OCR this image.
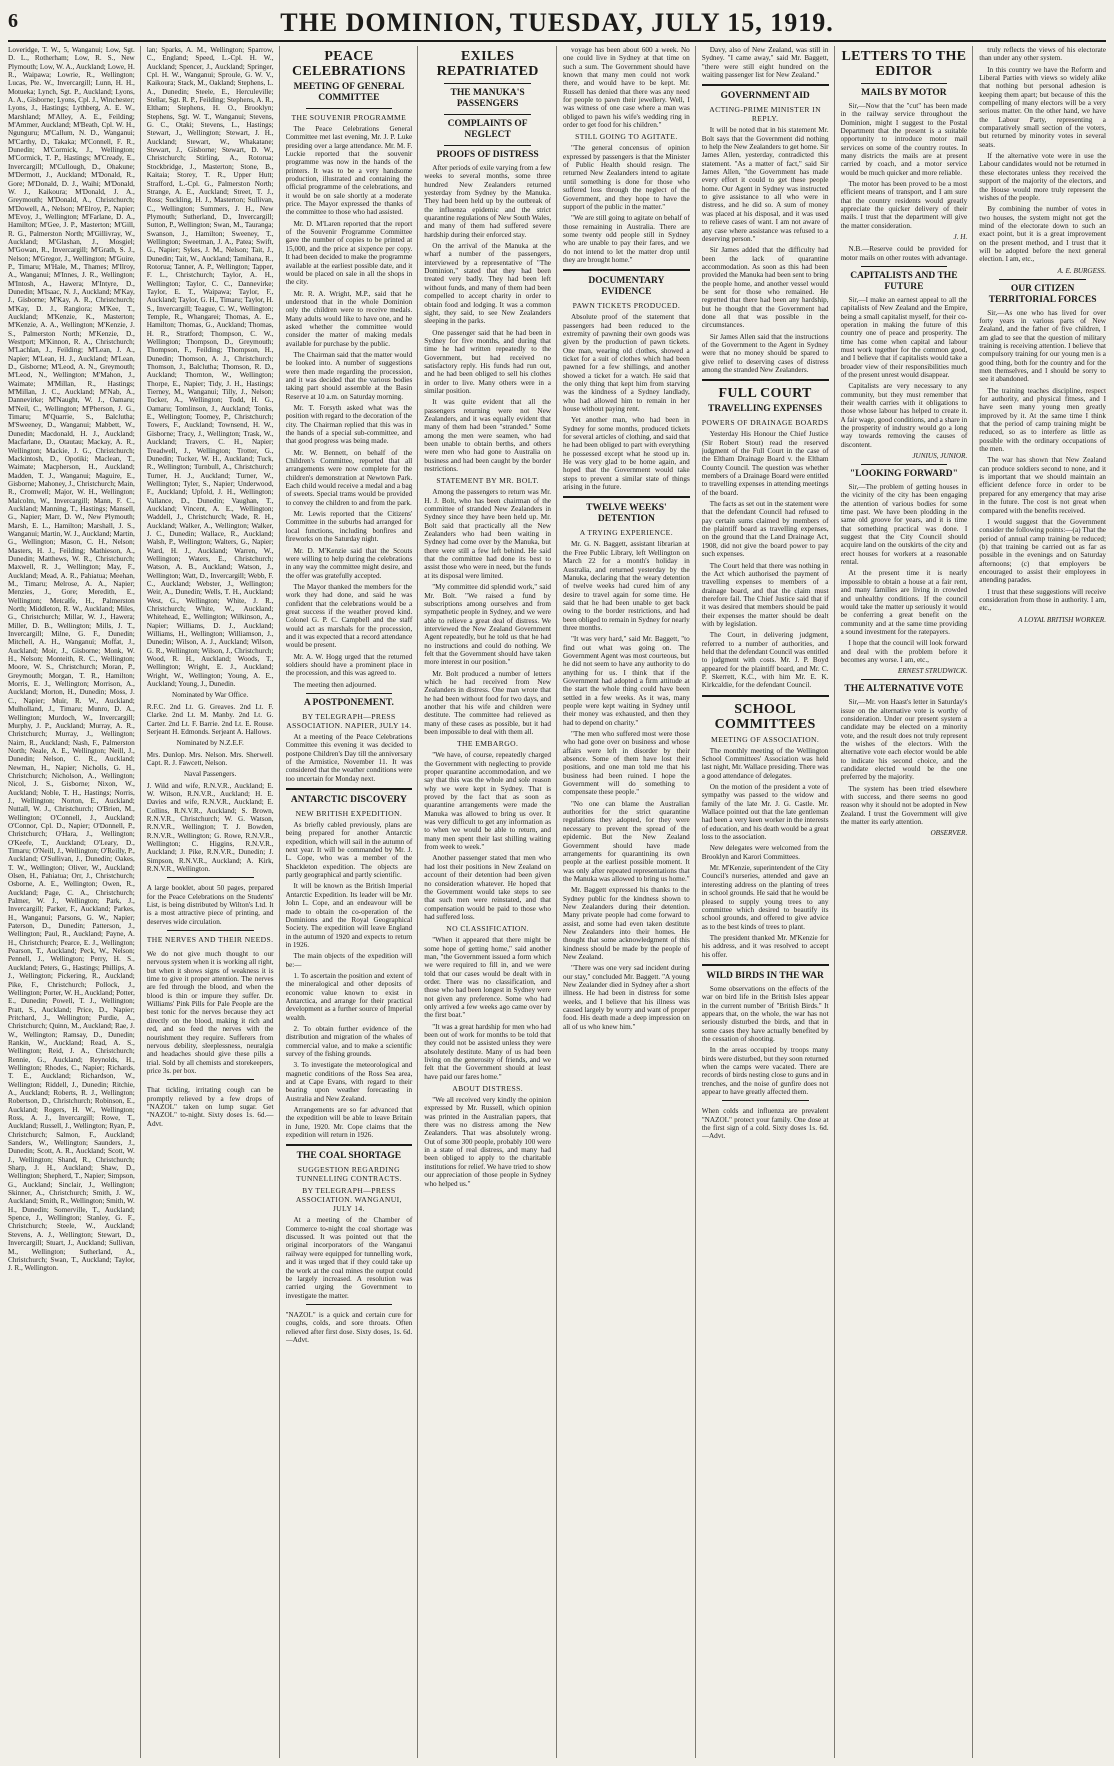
6	THE DOMINION, TUESDAY, JULY 15, 1919.

Loveridge, T. W., 5, Wanganui; Low, Sgt. D. L., Rotherham; Low, R. S., New Plymouth; Low, W. A., Auckland; Lowe, H. R., Waipawa; Lowrie, R., Wellington; Lucas, Pte. W., Invercargill; Lunn, H. H., Motueka; Lynch, Sgt. P., Auckland; Lyons, A. A., Gisborne; Lyons, Cpl. J., Winchester; Lyons, J., Hastings; Lythberg, A. E. W., Marshland; M'Alley, A. E., Feilding; M'Ammer, Auckland; M'Beath, Cpl. W. H., Ngunguru; M'Callum, N. D., Wanganui; M'Carthy, D., Takaka; M'Connell, F. R., Dunedin; M'Cormick, J., Wellington; M'Cormick, T. P., Hastings; M'Cready, E., Invercargill; M'Cullough, D., Ohakune; M'Dermott, J., Auckland; M'Donald, R., Gore; M'Donald, D. J., Waihi; M'Donald, W. J., Kaikoura; M'Donald, J. A., Greymouth; M'Donald, A., Christchurch; M'Dowell, A., Nelson; M'Elroy, P., Napier; M'Evoy, J., Wellington; M'Farlane, D. A., Hamilton; M'Gee, J. P., Masterton; M'Gill, R. G., Palmerston North; M'Gillivray, W., Auckland; M'Glashan, J., Mosgiel; M'Gowan, R., Invercargill; M'Grath, S. J., Nelson; M'Gregor, J., Wellington; M'Guire, P., Timaru; M'Hale, M., Thames; M'Ilroy, A., Wanganui; M'Innes, J. R., Wellington; M'Intosh, A., Hawera; M'Intyre, D., Dunedin; M'Isaac, N. J., Auckland; M'Kay, J., Gisborne; M'Kay, A. R., Christchurch; M'Kay, D. J., Rangiora; M'Kee, T., Auckland; M'Kenzie, K., Masterton; M'Kenzie, A. A., Wellington; M'Kenzie, J. S., Palmerston North; M'Kenzie, D., Westport; M'Kinnon, R. A., Christchurch; M'Lachlan, J., Feilding; M'Lean, J. A., Napier; M'Lean, H. J., Auckland; M'Lean, D., Gisborne; M'Leod, A. N., Greymouth; M'Leod, N., Wellington; M'Mahon, J., Waimate; M'Millan, R., Hastings; M'Millan, J. C., Auckland; M'Nab, A., Dannevirke; M'Naught, W. J., Oamaru; M'Neil, C., Wellington; M'Pherson, J. G., Timaru; M'Quarrie, S., Balclutha; M'Sweeney, D., Wanganui; Mabbett, W., Dunedin; Macdonald, H. J., Auckland; Macfarlane, D., Otautau; Mackay, A. R., Wellington; Mackie, J. G., Christchurch; Mackintosh, D., Opotiki; Maclean, T., Waimate; Macpherson, H., Auckland; Madden, T. J., Wanganui; Maguire, E., Gisborne; Mahoney, J., Christchurch; Main, R., Cromwell; Major, W. H., Wellington; Malcolm, W., Invercargill; Mann, F. C., Auckland; Manning, T., Hastings; Mansell, G., Napier; Marr, D. W., New Plymouth; Marsh, E. L., Hamilton; Marshall, J. S., Wanganui; Martin, W. J., Auckland; Martin, G., Wellington; Mason, C. H., Nelson; Masters, H. J., Feilding; Mathieson, A., Dunedin; Matthews, W. R., Christchurch; Maxwell, R. J., Wellington; May, F., Auckland; Mead, A. R., Pahiatua; Meehan, M., Timaru; Melrose, A. A., Napier; Menzies, J., Gore; Meredith, E., Wellington; Metcalfe, H., Palmerston North; Middleton, R. W., Auckland; Miles, G., Christchurch; Millar, W. J., Hawera; Miller, D. B., Wellington; Mills, J. T., Invercargill; Milne, G. F., Dunedin; Mitchell, A. H., Wanganui; Moffat, J., Auckland; Moir, J., Gisborne; Monk, W. H., Nelson; Monteith, R. C., Wellington; Moore, W. S., Christchurch; Moran, P., Greymouth; Morgan, T. R., Hamilton; Morris, E. J., Wellington; Morrison, A., Auckland; Morton, H., Dunedin; Moss, J. C., Napier; Muir, R. W., Auckland; Mulholland, J., Timaru; Munro, D. A., Wellington; Murdoch, W., Invercargill; Murphy, J. P., Auckland; Murray, A. R., Christchurch; Murray, J., Wellington; Nairn, R., Auckland; Nash, F., Palmerston North; Neale, A. E., Wellington; Neill, J., Dunedin; Nelson, C. R., Auckland; Newman, H., Napier; Nicholls, G. H., Christchurch; Nicholson, A., Wellington; Nicol, J. S., Gisborne; Nixon, W., Auckland; Noble, T. H., Hastings; Norris, J., Wellington; Norton, E., Auckland; Nuttall, W. J., Christchurch; O'Brien, M., Wellington; O'Connell, J., Auckland; O'Connor, Cpl. D., Napier; O'Donnell, P., Christchurch; O'Hara, J., Wellington; O'Keefe, T., Auckland; O'Leary, D., Timaru; O'Neill, J., Wellington; O'Reilly, P., Auckland; O'Sullivan, J., Dunedin; Oakes, T. W., Wellington; Oliver, W., Auckland; Olsen, H., Pahiatua; Orr, J., Christchurch; Osborne, A. E., Wellington; Owen, R., Auckland; Page, C. A., Christchurch; Palmer, W. J., Wellington; Park, J., Invercargill; Parker, F., Auckland; Parkes, H., Wanganui; Parsons, G. W., Napier; Paterson, D., Dunedin; Patterson, J., Wellington; Paul, R., Auckland; Payne, A. H., Christchurch; Pearce, E. J., Wellington; Pearson, T., Auckland; Peck, W., Nelson; Pennell, J., Wellington; Perry, H. S., Auckland; Peters, G., Hastings; Phillips, A. J., Wellington; Pickering, R., Auckland; Pike, F., Christchurch; Pollock, J., Wellington; Porter, W. H., Auckland; Potter, E., Dunedin; Powell, T. J., Wellington; Pratt, S., Auckland; Price, D., Napier; Pritchard, J., Wellington; Purdie, A., Christchurch; Quinn, M., Auckland; Rae, J. W., Wellington; Ramsay, D., Dunedin; Rankin, W., Auckland; Read, A. S., Wellington; Reid, J. A., Christchurch; Rennie, G., Auckland; Reynolds, H., Wellington; Rhodes, C., Napier; Richards, T. E., Auckland; Richardson, W., Wellington; Riddell, J., Dunedin; Ritchie, A., Auckland; Roberts, R. J., Wellington; Robertson, D., Christchurch; Robinson, E., Auckland; Rogers, H. W., Wellington; Ross, A. J., Invercargill; Rowe, T., Auckland; Russell, J., Wellington; Ryan, P., Christchurch; Salmon, F., Auckland; Sanders, W., Wellington; Saunders, J., Dunedin; Scott, A. R., Auckland; Scott, W. J., Wellington; Shand, R., Christchurch; Sharp, J. H., Auckland; Shaw, D., Wellington; Shepherd, T., Napier; Simpson, G., Auckland; Sinclair, J., Wellington; Skinner, A., Christchurch; Smith, J. W., Auckland; Smith, R., Wellington; Smith, W. H., Dunedin; Somerville, T., Auckland; Spence, J., Wellington; Stanley, G. F., Christchurch; Steele, W., Auckland; Stevens, A. J., Wellington; Stewart, D., Invercargill; Stuart, J., Auckland; Sullivan, M., Wellington; Sutherland, A., Christchurch; Swan, T., Auckland; Taylor, J. R., Wellington.

lan; Sparks, A. M., Wellington; Sparrow, C., England; Speed, L.-Cpl. H. W., Auckland; Spencer, J., Auckland; Springer, Cpl. H. W., Wanganui; Sproule, G. W. V., Kaikoura; Stack, M., Oakland; Stephens, L. A., Dunedin; Steele, E., Herculeville; Stellar, Sgt. R. P., Feilding; Stephens, A. R., Eltham; Stephens, H. O., Brooklyn; Stephens, Sgt. W. T., Wanganui; Stevens, G. C., Otaki; Stevens, L., Hastings; Stewart, J., Wellington; Stewart, J. H., Auckland; Stewart, W., Whakatane; Stewart, J., Gisborne; Stewart, D. W., Christchurch; Stirling, A., Rotorua; Stockbridge, J., Masterton; Stone, B., Kaitaia; Storey, T. R., Upper Hutt; Strafford, L.-Cpl. G., Palmerston North; Strange, A. E., Auckland; Street, T. J., Ross; Suckling, H. J., Masterton; Sullivan, C., Wellington; Summers, J. H., New Plymouth; Sutherland, D., Invercargill; Sutton, P., Wellington; Swan, M., Tauranga; Swanson, J., Hamilton; Sweeney, T., Wellington; Sweetman, J. A., Patea; Swift, G., Napier; Sykes, J. M., Nelson; Tait, J., Dunedin; Tait, W., Auckland; Tamihana, R., Rotorua; Tanner, A. P., Wellington; Tapper, F. L., Christchurch; Taylor, A. H., Wellington; Taylor, C. C., Dannevirke; Taylor, E. T., Waipawa; Taylor, F., Auckland; Taylor, G. H., Timaru; Taylor, H. S., Invercargill; Teague, C. W., Wellington; Temple, R., Whangarei; Thomas, A. E., Hamilton; Thomas, G., Auckland; Thomas, H. R., Stratford; Thompson, C. W., Wellington; Thompson, D., Greymouth; Thompson, F., Feilding; Thompson, H., Dunedin; Thomson, A. J., Christchurch; Thomson, J., Balclutha; Thomson, R. D., Auckland; Thornton, W., Wellington; Thorpe, E., Napier; Tidy, J. H., Hastings; Tierney, M., Wanganui; Tilly, J., Nelson; Tocker, A., Wellington; Todd, H. G., Oamaru; Tomlinson, J., Auckland; Tonks, E., Wellington; Toomey, P., Christchurch; Towers, F., Auckland; Townsend, H. W., Gisborne; Tracy, J., Wellington; Trask, W., Auckland; Travers, C. H., Napier; Treadwell, J., Wellington; Trotter, G., Dunedin; Tucker, W. H., Auckland; Tuck, R., Wellington; Turnbull, A., Christchurch; Turner, H. J., Auckland; Turner, W., Wellington; Tyler, S., Napier; Underwood, F., Auckland; Upfold, J. H., Wellington; Vallance, D., Dunedin; Vaughan, T., Auckland; Vincent, A. E., Wellington; Waddell, J., Christchurch; Wade, R. H., Auckland; Walker, A., Wellington; Walker, J. C., Dunedin; Wallace, R., Auckland; Walsh, P., Wellington; Walters, G., Napier; Ward, H. J., Auckland; Warren, W., Wellington; Waters, E., Christchurch; Watson, A. B., Auckland; Watson, J., Wellington; Watt, D., Invercargill; Webb, F. C., Auckland; Webster, J., Wellington; Weir, A., Dunedin; Wells, T. H., Auckland; West, G., Wellington; White, J. R., Christchurch; White, W., Auckland; Whitehead, E., Wellington; Wilkinson, A., Napier; Williams, D. J., Auckland; Williams, H., Wellington; Williamson, J., Dunedin; Wilson, A. J., Auckland; Wilson, G. R., Wellington; Wilson, J., Christchurch; Wood, R. H., Auckland; Woods, T., Wellington; Wright, E. J., Auckland; Wright, W., Wellington; Young, A. E., Auckland; Young, J., Dunedin.

Nominated by War Office.

R.F.C. 2nd Lt. G. Greaves. 2nd Lt. F. Clarke. 2nd Lt. M. Manby. 2nd Lt. G. Carter. 2nd Lt. F. Barrie. 2nd Lt. E. Rouse. Serjeant H. Edmonds. Serjeant A. Hallows.

Nominated by N.Z.E.F.

Mrs. Dunlop. Mrs. Nelson. Mrs. Sherwell. Capt. R. J. Fawcett, Nelson.

Naval Passengers.

J. Wild and wife, R.N.V.R., Auckland; E. W. Wilson, R.N.V.R., Auckland; H. E. Davies and wife, R.N.V.R., Auckland; E. Collins, R.N.V.R., Auckland; S. Brown, R.N.V.R., Christchurch; W. G. Watson, R.N.V.R., Wellington; T. J. Bowden, R.N.V.R., Wellington; G. Rowe, R.N.V.R., Wellington; C. Higgins, R.N.V.R., Auckland; J. Pike, R.N.V.R., Dunedin; J. Simpson, R.N.V.R., Auckland; A. Kirk, R.N.V.R., Wellington.

A large booklet, about 50 pages, prepared for the Peace Celebrations on the Students' List, is being distributed by Wilton's Ltd. It is a most attractive piece of printing, and deserves wide circulation.

THE NERVES AND THEIR NEEDS.

We do not give much thought to our nervous system when it is working all right, but when it shows signs of weakness it is time to give it proper attention. The nerves are fed through the blood, and when the blood is thin or impure they suffer. Dr. Williams' Pink Pills for Pale People are the best tonic for the nerves because they act directly on the blood, making it rich and red, and so feed the nerves with the nourishment they require. Sufferers from nervous debility, sleeplessness, neuralgia and headaches should give these pills a trial. Sold by all chemists and storekeepers, price 3s. per box.

That tickling, irritating cough can be promptly relieved by a few drops of "NAZOL" taken on lump sugar. Get "NAZOL" to-night. Sixty doses 1s. 6d.—Advt.

PEACE CELEBRATIONS
MEETING OF GENERAL COMMITTEE
THE SOUVENIR PROGRAMME

The Peace Celebrations General Committee met last evening, Mr. J. P. Luke presiding over a large attendance. Mr. M. F. Luckie reported that the souvenir programme was now in the hands of the printers. It was to be a very handsome production, illustrated and containing the official programme of the celebrations, and it would be on sale shortly at a moderate price. The Mayor expressed the thanks of the committee to those who had assisted.

Mr. D. M'Laren reported that the report of the Souvenir Programme Committee gave the number of copies to be printed at 15,000, and the price at sixpence per copy. It had been decided to make the programme available at the earliest possible date, and it would be placed on sale in all the shops in the city.

Mr. R. A. Wright, M.P., said that he understood that in the whole Dominion only the children were to receive medals. Many adults would like to have one, and he asked whether the committee would consider the matter of making medals available for purchase by the public.

The Chairman said that the matter would be looked into. A number of suggestions were then made regarding the procession, and it was decided that the various bodies taking part should assemble at the Basin Reserve at 10 a.m. on Saturday morning.

Mr. T. Forsyth asked what was the position with regard to the decoration of the city. The Chairman replied that this was in the hands of a special sub-committee, and that good progress was being made.

Mr. W. Bennett, on behalf of the Children's Committee, reported that all arrangements were now complete for the children's demonstration at Newtown Park. Each child would receive a medal and a bag of sweets. Special trams would be provided to convey the children to and from the park.

Mr. Lewis reported that the Citizens' Committee in the suburbs had arranged for local functions, including bonfires and fireworks on the Saturday night.

Mr. D. M'Kenzie said that the Scouts were willing to help during the celebrations in any way the committee might desire, and the offer was gratefully accepted.

The Mayor thanked the members for the work they had done, and said he was confident that the celebrations would be a great success if the weather proved kind. Colonel G. P. C. Campbell and the staff would act as marshals for the procession, and it was expected that a record attendance would be present.

Mr. A. W. Hogg urged that the returned soldiers should have a prominent place in the procession, and this was agreed to.

The meeting then adjourned.

A POSTPONEMENT.
BY TELEGRAPH—PRESS ASSOCIATION. NAPIER, JULY 14.

At a meeting of the Peace Celebrations Committee this evening it was decided to postpone Children's Day till the anniversary of the Armistice, November 11. It was considered that the weather conditions were too uncertain for Monday next.

ANTARCTIC DISCOVERY
NEW BRITISH EXPEDITION.

As briefly cabled previously, plans are being prepared for another Antarctic expedition, which will sail in the autumn of next year. It will be commanded by Mr. J. L. Cope, who was a member of the Shackleton expedition. The objects are partly geographical and partly scientific.

It will be known as the British Imperial Antarctic Expedition. Its leader will be Mr. John L. Cope, and an endeavour will be made to obtain the co-operation of the Dominions and the Royal Geographical Society. The expedition will leave England in the autumn of 1920 and expects to return in 1926.

The main objects of the expedition will be:—

1. To ascertain the position and extent of the mineralogical and other deposits of economic value known to exist in Antarctica, and arrange for their practical development as a further source of Imperial wealth.

2. To obtain further evidence of the distribution and migration of the whales of commercial value, and to make a scientific survey of the fishing grounds.

3. To investigate the meteorological and magnetic conditions of the Ross Sea area, and at Cape Evans, with regard to their bearing upon weather forecasting in Australia and New Zealand.

Arrangements are so far advanced that the expedition will be able to leave Britain in June, 1920. Mr. Cope claims that the expedition will return in 1926.

THE COAL SHORTAGE
SUGGESTION REGARDING TUNNELLING CONTRACTS.
BY TELEGRAPH—PRESS ASSOCIATION. WANGANUI, JULY 14.

At a meeting of the Chamber of Commerce to-night the coal shortage was discussed. It was pointed out that the original incorporators of the Wanganui railway were equipped for tunnelling work, and it was urged that if they could take up the work at the coal mines the output could be largely increased. A resolution was carried urging the Government to investigate the matter.

"NAZOL" is a quick and certain cure for coughs, colds, and sore throats. Often relieved after first dose. Sixty doses, 1s. 6d.—Advt.

EXILES REPATRIATED
THE MANUKA'S PASSENGERS
COMPLAINTS OF NEGLECT
PROOFS OF DISTRESS

After periods of exile varying from a few weeks to several months, some three hundred New Zealanders returned yesterday from Sydney by the Manuka. They had been held up by the outbreak of the influenza epidemic and the strict quarantine regulations of New South Wales, and many of them had suffered severe hardship during their enforced stay.

On the arrival of the Manuka at the wharf a number of the passengers, interviewed by a representative of "The Dominion," stated that they had been treated very badly. They had been left without funds, and many of them had been compelled to accept charity in order to obtain food and lodging. It was a common sight, they said, to see New Zealanders sleeping in the parks.

One passenger said that he had been in Sydney for five months, and during that time he had written repeatedly to the Government, but had received no satisfactory reply. His funds had run out, and he had been obliged to sell his clothes in order to live. Many others were in a similar position.

It was quite evident that all the passengers returning were not New Zealanders, and it was equally evident that many of them had been "stranded." Some among the men were seamen, who had been unable to obtain berths, and others were men who had gone to Australia on business and had been caught by the border restrictions.

STATEMENT BY MR. BOLT.

Among the passengers to return was Mr. H. J. Bolt, who has been chairman of the committee of stranded New Zealanders in Sydney since they have been held up. Mr. Bolt said that practically all the New Zealanders who had been waiting in Sydney had come over by the Manuka, but there were still a few left behind. He said that the committee had done its best to assist those who were in need, but the funds at its disposal were limited.

"My committee did splendid work," said Mr. Bolt. "We raised a fund by subscriptions among ourselves and from sympathetic people in Sydney, and we were able to relieve a great deal of distress. We interviewed the New Zealand Government Agent repeatedly, but he told us that he had no instructions and could do nothing. We felt that the Government should have taken more interest in our position."

Mr. Bolt produced a number of letters which he had received from New Zealanders in distress. One man wrote that he had been without food for two days, and another that his wife and children were destitute. The committee had relieved as many of these cases as possible, but it had been impossible to deal with them all.

THE EMBARGO.

"We have, of course, repeatedly charged the Government with neglecting to provide proper quarantine accommodation, and we say that this was the whole and sole reason why we were kept in Sydney. That is proved by the fact that as soon as quarantine arrangements were made the Manuka was allowed to bring us over. It was very difficult to get any information as to when we would be able to return, and many men spent their last shilling waiting from week to week."

Another passenger stated that men who had lost their positions in New Zealand on account of their detention had been given no consideration whatever. He hoped that the Government would take steps to see that such men were reinstated, and that compensation would be paid to those who had suffered loss.

NO CLASSIFICATION.

"When it appeared that there might be some hope of getting home," said another man, "the Government issued a form which we were required to fill in, and we were told that our cases would be dealt with in order. There was no classification, and those who had been longest in Sydney were not given any preference. Some who had only arrived a few weeks ago came over by the first boat."

"It was a great hardship for men who had been out of work for months to be told that they could not be assisted unless they were absolutely destitute. Many of us had been living on the generosity of friends, and we felt that the Government should at least have paid our fares home."

ABOUT DISTRESS.

"We all received very kindly the opinion expressed by Mr. Russell, which opinion was printed in the Australian papers, that there was no distress among the New Zealanders. That was absolutely wrong. Out of some 300 people, probably 100 were in a state of real distress, and many had been obliged to apply to the charitable institutions for relief. We have tried to show our appreciation of those people in Sydney who helped us."

voyage has been about 600 a week. No one could live in Sydney at that time on such a sum. The Government should have known that many men could not work there, and would have to be kept. Mr. Russell has denied that there was any need for people to pawn their jewellery. Well, I was witness of one case where a man was obliged to pawn his wife's wedding ring in order to get food for his children."

STILL GOING TO AGITATE.

"The general concensus of opinion expressed by passengers is that the Minister of Public Health should resign. The returned New Zealanders intend to agitate until something is done for those who suffered loss through the neglect of the Government, and they hope to have the support of the public in the matter."

"We are still going to agitate on behalf of those remaining in Australia. There are some twenty odd people still in Sydney who are unable to pay their fares, and we do not intend to let the matter drop until they are brought home."

DOCUMENTARY EVIDENCE
PAWN TICKETS PRODUCED.

Absolute proof of the statement that passengers had been reduced to the extremity of pawning their own goods was given by the production of pawn tickets. One man, wearing old clothes, showed a ticket for a suit of clothes which had been pawned for a few shillings, and another showed a ticket for a watch. He said that the only thing that kept him from starving was the kindness of a Sydney landlady, who had allowed him to remain in her house without paying rent.

Yet another man, who had been in Sydney for some months, produced tickets for several articles of clothing, and said that he had been obliged to part with everything he possessed except what he stood up in. He was very glad to be home again, and hoped that the Government would take steps to prevent a similar state of things arising in the future.

TWELVE WEEKS' DETENTION
A TRYING EXPERIENCE.

Mr. G. N. Baggett, assistant librarian at the Free Public Library, left Wellington on March 22 for a month's holiday in Australia, and returned yesterday by the Manuka, declaring that the weary detention of twelve weeks had cured him of any desire to travel again for some time. He said that he had been unable to get back owing to the border restrictions, and had been obliged to remain in Sydney for nearly three months.

"It was very hard," said Mr. Baggett, "to find out what was going on. The Government Agent was most courteous, but he did not seem to have any authority to do anything for us. I think that if the Government had adopted a firm attitude at the start the whole thing could have been settled in a few weeks. As it was, many people were kept waiting in Sydney until their money was exhausted, and then they had to depend on charity."

"The men who suffered most were those who had gone over on business and whose affairs were left in disorder by their absence. Some of them have lost their positions, and one man told me that his business had been ruined. I hope the Government will do something to compensate these people."

"No one can blame the Australian authorities for the strict quarantine regulations they adopted, for they were necessary to prevent the spread of the epidemic. But the New Zealand Government should have made arrangements for quarantining its own people at the earliest possible moment. It was only after repeated representations that the Manuka was allowed to bring us home."

Mr. Baggett expressed his thanks to the Sydney public for the kindness shown to New Zealanders during their detention. Many private people had come forward to assist, and some had even taken destitute New Zealanders into their homes. He thought that some acknowledgment of this kindness should be made by the people of New Zealand.

"There was one very sad incident during our stay," concluded Mr. Baggett. "A young New Zealander died in Sydney after a short illness. He had been in distress for some weeks, and I believe that his illness was caused largely by worry and want of proper food. His death made a deep impression on all of us who knew him."

Davy, also of New Zealand, was still in Sydney. "I came away," said Mr. Baggett, "there were still eight hundred on the waiting passenger list for New Zealand."

GOVERNMENT AID
ACTING-PRIME MINISTER IN REPLY.

It will be noted that in his statement Mr. Bolt says that the Government did nothing to help the New Zealanders to get home. Sir James Allen, yesterday, contradicted this statement. "As a matter of fact," said Sir James Allen, "the Government has made every effort it could to get these people home. Our Agent in Sydney was instructed to give assistance to all who were in distress, and he did so. A sum of money was placed at his disposal, and it was used to relieve cases of want. I am not aware of any case where assistance was refused to a deserving person."

Sir James added that the difficulty had been the lack of quarantine accommodation. As soon as this had been provided the Manuka had been sent to bring the people home, and another vessel would be sent for those who remained. He regretted that there had been any hardship, but he thought that the Government had done all that was possible in the circumstances.

Sir James Allen said that the instructions of the Government to the Agent in Sydney were that no money should be spared to give relief to deserving cases of distress among the stranded New Zealanders.

FULL COURT
TRAVELLING EXPENSES
POWERS OF DRAINAGE BOARDS

Yesterday His Honour the Chief Justice (Sir Robert Stout) read the reserved judgment of the Full Court in the case of the Eltham Drainage Board v. the Eltham County Council. The question was whether members of a Drainage Board were entitled to travelling expenses in attending meetings of the board.

The facts as set out in the statement were that the defendant Council had refused to pay certain sums claimed by members of the plaintiff board as travelling expenses, on the ground that the Land Drainage Act, 1908, did not give the board power to pay such expenses.

The Court held that there was nothing in the Act which authorised the payment of travelling expenses to members of a drainage board, and that the claim must therefore fail. The Chief Justice said that if it was desired that members should be paid their expenses the matter should be dealt with by legislation.

The Court, in delivering judgment, referred to a number of authorities, and held that the defendant Council was entitled to judgment with costs. Mr. J. P. Boyd appeared for the plaintiff board, and Mr. C. P. Skerrett, K.C., with him Mr. E. K. Kirkcaldie, for the defendant Council.

SCHOOL COMMITTEES
MEETING OF ASSOCIATION.

The monthly meeting of the Wellington School Committees' Association was held last night, Mr. Wallace presiding. There was a good attendance of delegates.

On the motion of the president a vote of sympathy was passed to the widow and family of the late Mr. J. G. Castle. Mr. Wallace pointed out that the late gentleman had been a very keen worker in the interests of education, and his death would be a great loss to the association.

New delegates were welcomed from the Brooklyn and Karori Committees.

Mr. M'Kenzie, superintendent of the City Council's nurseries, attended and gave an interesting address on the planting of trees in school grounds. He said that he would be pleased to supply young trees to any committee which desired to beautify its school grounds, and offered to give advice as to the best kinds of trees to plant.

The president thanked Mr. M'Kenzie for his address, and it was resolved to accept his offer.

WILD BIRDS IN THE WAR

Some observations on the effects of the war on bird life in the British Isles appear in the current number of "British Birds." It appears that, on the whole, the war has not seriously disturbed the birds, and that in some cases they have actually benefited by the cessation of shooting.

In the areas occupied by troops many birds were disturbed, but they soon returned when the camps were vacated. There are records of birds nesting close to guns and in trenches, and the noise of gunfire does not appear to have greatly affected them.

When colds and influenza are prevalent "NAZOL" protect your family. One dose at the first sign of a cold. Sixty doses 1s. 6d.—Advt.

LETTERS TO THE EDITOR
MAILS BY MOTOR

Sir,—Now that the "cut" has been made in the railway service throughout the Dominion, might I suggest to the Postal Department that the present is a suitable opportunity to introduce motor mail services on some of the country routes. In many districts the mails are at present carried by coach, and a motor service would be much quicker and more reliable.

The motor has been proved to be a most efficient means of transport, and I am sure that the country residents would greatly appreciate the quicker delivery of their mails. I trust that the department will give the matter consideration.

J. H.

N.B.—Reserve could be provided for motor mails on other routes with advantage.

CAPITALISTS AND THE FUTURE

Sir,—I make an earnest appeal to all the capitalists of New Zealand and the Empire, being a small capitalist myself, for their co-operation in making the future of this country one of peace and prosperity. The time has come when capital and labour must work together for the common good, and I believe that if capitalists would take a broader view of their responsibilities much of the present unrest would disappear.

Capitalists are very necessary to any community, but they must remember that their wealth carries with it obligations to those whose labour has helped to create it. A fair wage, good conditions, and a share in the prosperity of industry would go a long way towards removing the causes of discontent.

JUNIUS, JUNIOR.

"LOOKING FORWARD"

Sir,—The problem of getting houses in the vicinity of the city has been engaging the attention of various bodies for some time past. We have been plodding in the same old groove for years, and it is time that something practical was done. I suggest that the City Council should acquire land on the outskirts of the city and erect houses for workers at a reasonable rental.

At the present time it is nearly impossible to obtain a house at a fair rent, and many families are living in crowded and unhealthy conditions. If the council would take the matter up seriously it would be conferring a great benefit on the community and at the same time providing a sound investment for the ratepayers.

I hope that the council will look forward and deal with the problem before it becomes any worse. I am, etc.,

ERNEST STRUDWICK.

THE ALTERNATIVE VOTE

Sir,—Mr. von Haast's letter in Saturday's issue on the alternative vote is worthy of consideration. Under our present system a candidate may be elected on a minority vote, and the result does not truly represent the wishes of the electors. With the alternative vote each elector would be able to indicate his second choice, and the candidate elected would be the one preferred by the majority.

The system has been tried elsewhere with success, and there seems no good reason why it should not be adopted in New Zealand. I trust the Government will give the matter its early attention.

OBSERVER.

truly reflects the views of his electorate than under any other system.

In this country we have the Reform and Liberal Parties with views so widely alike that nothing but personal adhesion is keeping them apart; but because of this the compelling of many electors will be a very serious matter. On the other hand, we have the Labour Party, representing a comparatively small section of the voters, but returned by minority votes in several seats.

If the alternative vote were in use the Labour candidates would not be returned in these electorates unless they received the support of the majority of the electors, and the House would more truly represent the wishes of the people.

By combining the number of votes in two houses, the system might not get the mind of the electorate down to such an exact point, but it is a great improvement on the present method, and I trust that it will be adopted before the next general election. I am, etc.,

A. E. BURGESS.

OUR CITIZEN TERRITORIAL FORCES

Sir,—As one who has lived for over forty years in various parts of New Zealand, and the father of five children, I am glad to see that the question of military training is receiving attention. I believe that compulsory training for our young men is a good thing, both for the country and for the men themselves, and I should be sorry to see it abandoned.

The training teaches discipline, respect for authority, and physical fitness, and I have seen many young men greatly improved by it. At the same time I think that the period of camp training might be reduced, so as to interfere as little as possible with the ordinary occupations of the men.

The war has shown that New Zealand can produce soldiers second to none, and it is important that we should maintain an efficient defence force in order to be prepared for any emergency that may arise in the future. The cost is not great when compared with the benefits received.

I would suggest that the Government consider the following points:—(a) That the period of annual camp training be reduced; (b) that training be carried out as far as possible in the evenings and on Saturday afternoons; (c) that employers be encouraged to assist their employees in attending parades.

I trust that these suggestions will receive consideration from those in authority. I am, etc.,

A LOYAL BRITISH WORKER.
